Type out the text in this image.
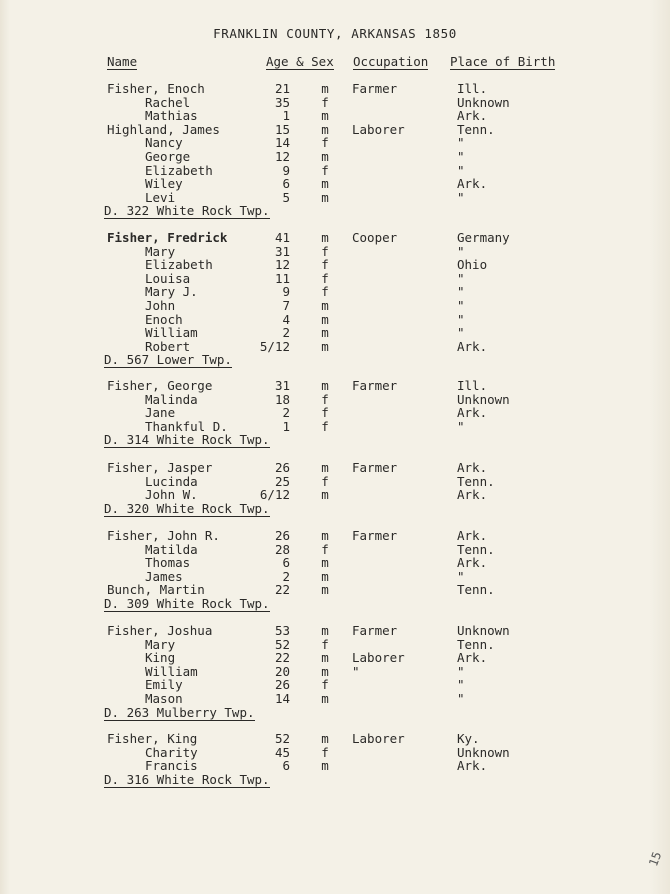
FRANKLIN COUNTY, ARKANSAS 1850
Name	Age & Sex Occupation Place of Birth
Fisher, Enoch	21 m Farmer	Ill.
Rachel	35 f	Unknown
Mathias	1 m	Ark.
Highland, James	15 m Laborer	Tenn.
Nancy	14 f	"
George	12 m	"
Elizabeth	9 f	"
Wiley	6 m	Ark.
Levi	5 m	"
D. 322 White Rock Twp.
Fisher, Fredrick	41 m Cooper	Germany
Mary	31 f	"
Elizabeth	12 f	Ohio
Louisa	11 f	"
Mary J.	9 f	"
John	7 m	"
Enoch	4 m	"
William	2 m	"
Robert	5/12 m	Ark.
D. 567 Lower Twp.
Fisher, George	31 m Farmer	Ill.
Malinda	18 f	Unknown
Jane	2 f	Ark.
Thankful D.	1 f	"
D. 314 White Rock Twp.
Fisher, Jasper	26 m Farmer	Ark.
Lucinda	25 f	Tenn.
John W.	6/12 m	Ark.
D. 320 White Rock Twp.
Fisher, John R.	26 m Farmer	Ark.
Matilda	28 f	Tenn.
Thomas	6 m	Ark.
James	2 m	"
Bunch, Martin	22 m	Tenn.
D. 309 White Rock Twp.
Fisher, Joshua	53 m Farmer	Unknown
Mary	52 f	Tenn.
King	22 m Laborer	Ark.
William	20 m "	"
Emily	26 f	"
Mason	14 m	"
D. 263 Mulberry Twp.
Fisher, King	52 m Laborer	Ky.
Charity	45 f	Unknown
Francis	6 m	Ark.
D. 316 White Rock Twp.
15
